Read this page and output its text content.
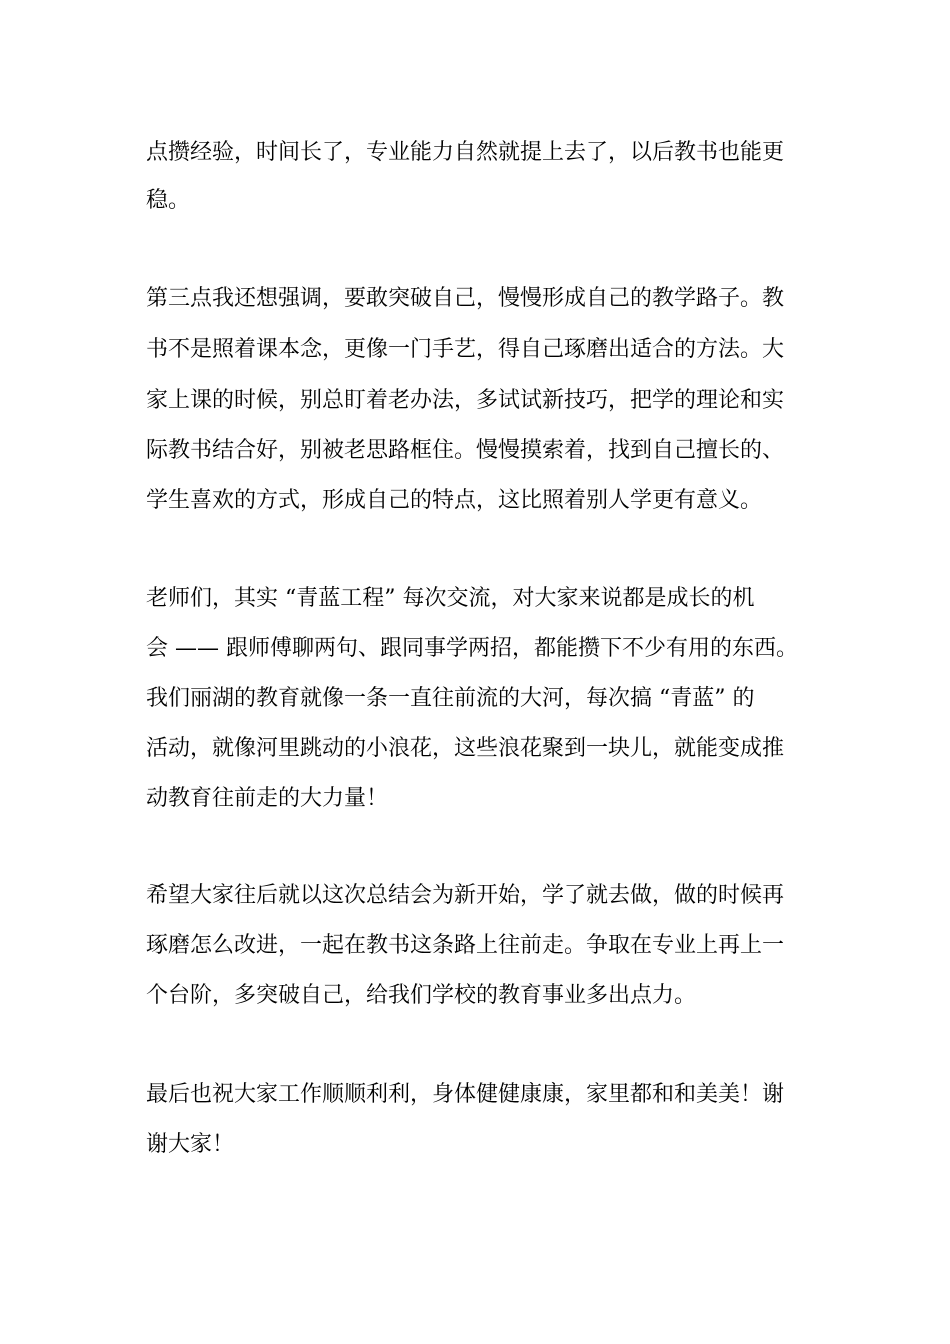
点攒经验，时间长了，专业能力自然就提上去了，以后教书也能更
稳。
第三点我还想强调，要敢突破自己，慢慢形成自己的教学路子。教
书不是照着课本念，更像一门手艺，得自己琢磨出适合的方法。大
家上课的时候，别总盯着老办法，多试试新技巧，把学的理论和实
际教书结合好，别被老思路框住。慢慢摸索着，找到自己擅长的、
学生喜欢的方式，形成自己的特点，这比照着别人学更有意义。
老师们，其实 “青蓝工程” 每次交流，对大家来说都是成长的机
会 —— 跟师傅聊两句、跟同事学两招，都能攒下不少有用的东西。
我们丽湖的教育就像一条一直往前流的大河，每次搞 “青蓝” 的
活动，就像河里跳动的小浪花，这些浪花聚到一块儿，就能变成推
动教育往前走的大力量！
希望大家往后就以这次总结会为新开始，学了就去做，做的时候再
琢磨怎么改进，一起在教书这条路上往前走。争取在专业上再上一
个台阶，多突破自己，给我们学校的教育事业多出点力。
最后也祝大家工作顺顺利利，身体健健康康，家里都和和美美！谢
谢大家！
